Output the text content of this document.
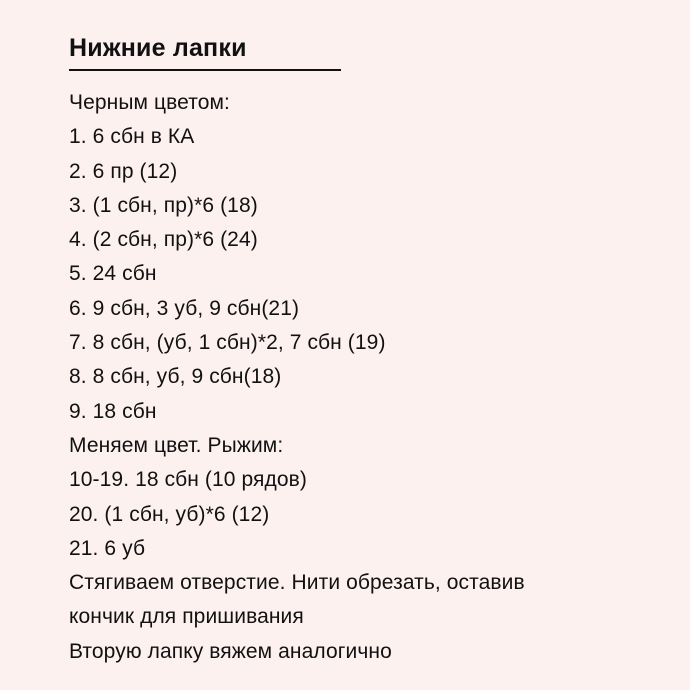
Нижние лапки
Черным цветом:
1. 6 сбн в КА
2. 6 пр (12)
3. (1 сбн, пр)*6 (18)
4. (2 сбн, пр)*6 (24)
5. 24 сбн
6. 9 сбн, 3 уб, 9 сбн(21)
7. 8 сбн, (уб, 1 сбн)*2, 7 сбн (19)
8. 8 сбн, уб, 9 сбн(18)
9. 18 сбн
Меняем цвет. Рыжим:
10-19. 18 сбн (10 рядов)
20. (1 сбн, уб)*6 (12)
21. 6 уб
Стягиваем отверстие. Нити обрезать, оставив
кончик для пришивания
Вторую лапку вяжем аналогично
